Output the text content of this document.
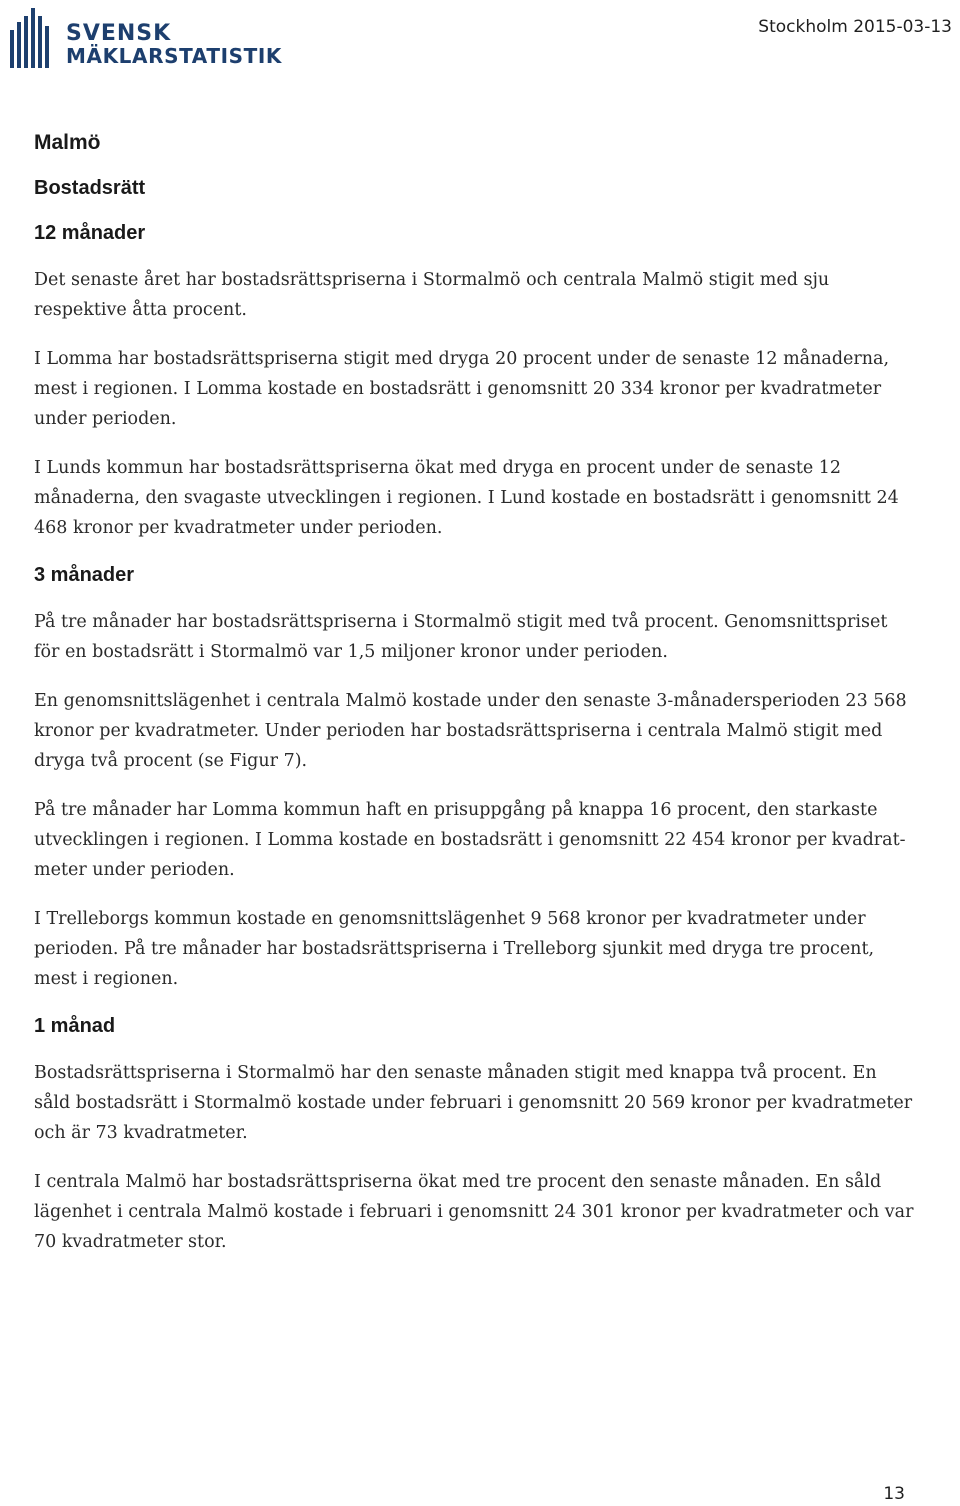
SVENSK
MÄKLARSTATISTIK
Stockholm 2015-03-13
Malmö
Bostadsrätt
12 månader

Det senaste året har bostadsrättspriserna i Stormalmö och centrala Malmö stigit med sju respektive åtta procent.

I Lomma har bostadsrättspriserna stigit med dryga 20 procent under de senaste 12 månaderna, mest i regionen. I Lomma kostade en bostadsrätt i genomsnitt 20 334 kronor per kvadratmeter under perioden.

I Lunds kommun har bostadsrättspriserna ökat med dryga en procent under de senaste 12 månaderna, den svagaste utvecklingen i regionen. I Lund kostade en bostadsrätt i genomsnitt 24 468 kronor per kvadratmeter under perioden.

3 månader

På tre månader har bostadsrättspriserna i Stormalmö stigit med två procent. Genomsnittspriset för en bostadsrätt i Stormalmö var 1,5 miljoner kronor under perioden.

En genomsnittslägenhet i centrala Malmö kostade under den senaste 3-månadersperioden 23 568 kronor per kvadratmeter. Under perioden har bostadsrättspriserna i centrala Malmö stigit med dryga två procent (se Figur 7).

På tre månader har Lomma kommun haft en prisuppgång på knappa 16 procent, den starkaste utvecklingen i regionen. I Lomma kostade en bostadsrätt i genomsnitt 22 454 kronor per kvadrat-meter under perioden.

I Trelleborgs kommun kostade en genomsnittslägenhet 9 568 kronor per kvadratmeter under perioden. På tre månader har bostadsrättspriserna i Trelleborg sjunkit med dryga tre procent, mest i regionen.

1 månad

Bostadsrättspriserna i Stormalmö har den senaste månaden stigit med knappa två procent. En såld bostadsrätt i Stormalmö kostade under februari i genomsnitt 20 569 kronor per kvadratmeter och är 73 kvadratmeter.

I centrala Malmö har bostadsrättspriserna ökat med tre procent den senaste månaden. En såld lägenhet i centrala Malmö kostade i februari i genomsnitt 24 301 kronor per kvadratmeter och var 70 kvadratmeter stor.

13
